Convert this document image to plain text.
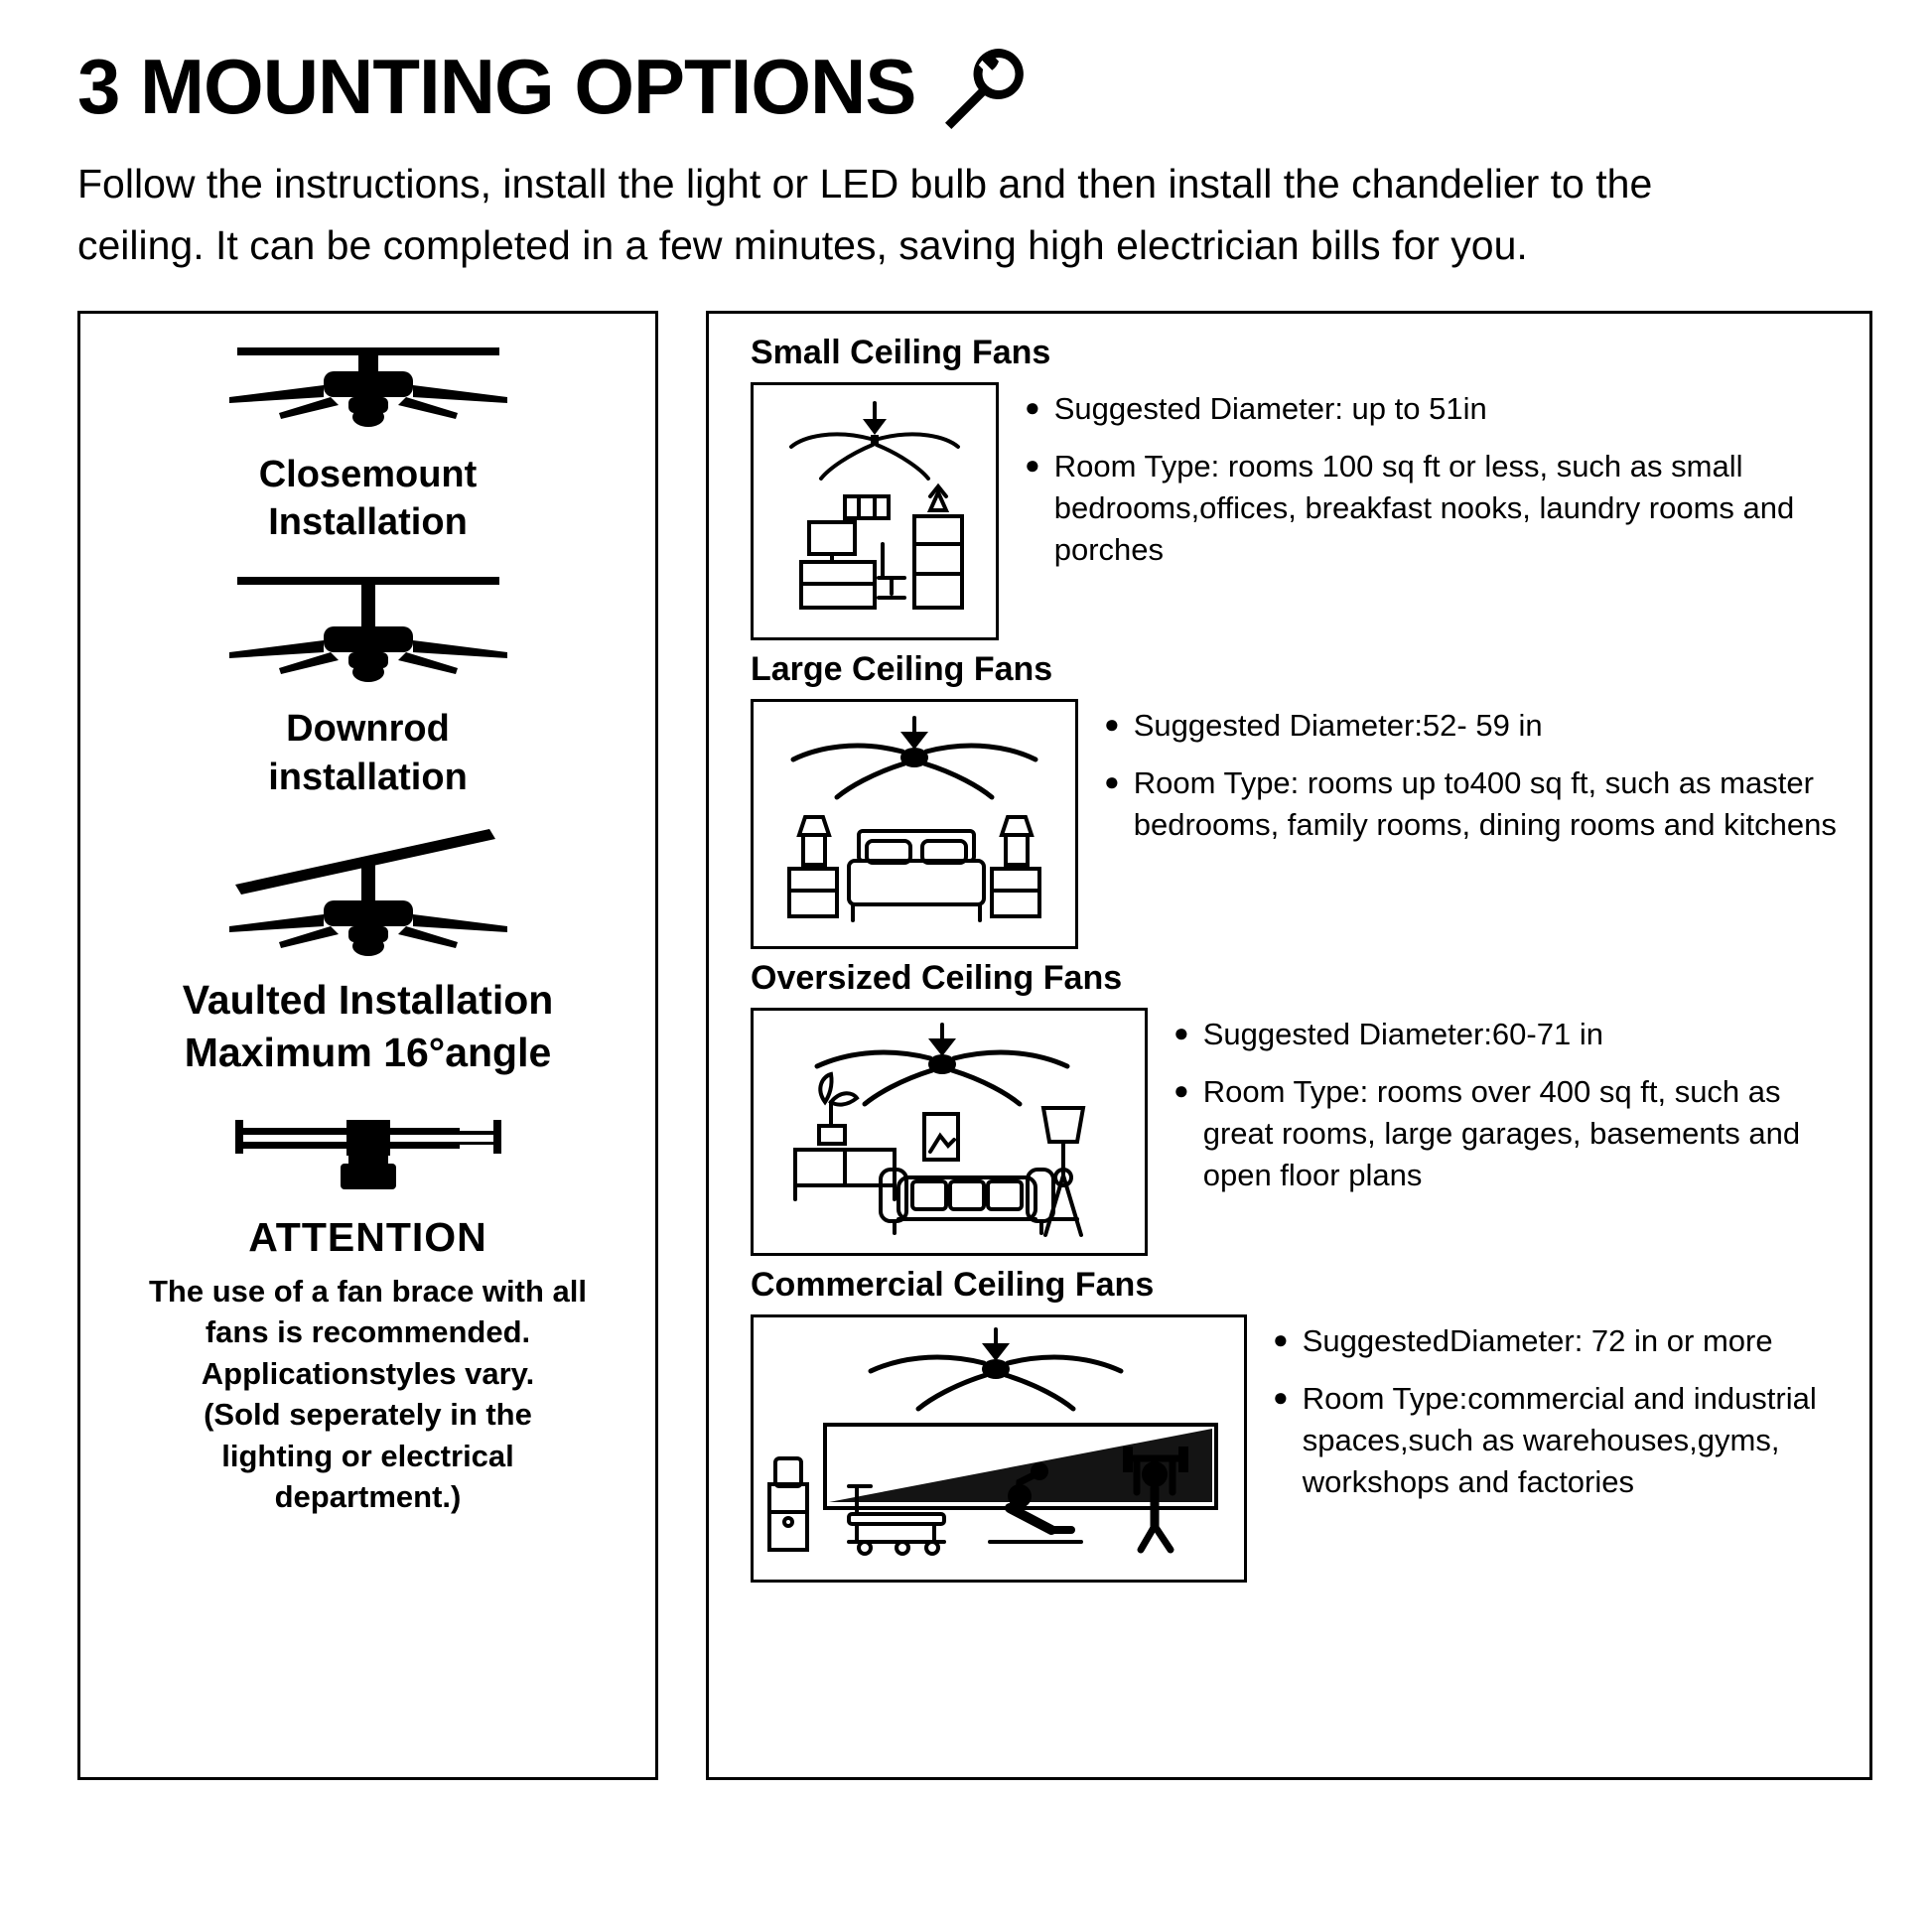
3 MOUNTING OPTIONS
Follow the instructions, install the light or LED bulb and then install the chandelier to the ceiling. It can be completed in a few minutes, saving high electrician bills for you.
Closemount
Installation
Downrod
installation
Vaulted Installation
Maximum 16°angle
ATTENTION
The use of a fan brace with all
fans is recommended.
Applicationstyles vary.
(Sold seperately in the
lighting or electrical
department.)
Small Ceiling Fans
● Suggested Diameter: up to 51in
● Room Type: rooms 100 sq ft or less, such as small bedrooms,offices, breakfast nooks, laundry rooms and porches
Large Ceiling Fans
● Suggested Diameter:52- 59 in
● Room Type: rooms up to400 sq ft, such as master bedrooms, family rooms, dining rooms and kitchens
Oversized Ceiling Fans
● Suggested Diameter:60-71 in
● Room Type: rooms over 400 sq ft, such as great rooms, large garages, basements and open floor plans
Commercial Ceiling Fans
● SuggestedDiameter: 72 in or more
● Room Type:commercial and industrial spaces,such as warehouses,gyms, workshops and factories
